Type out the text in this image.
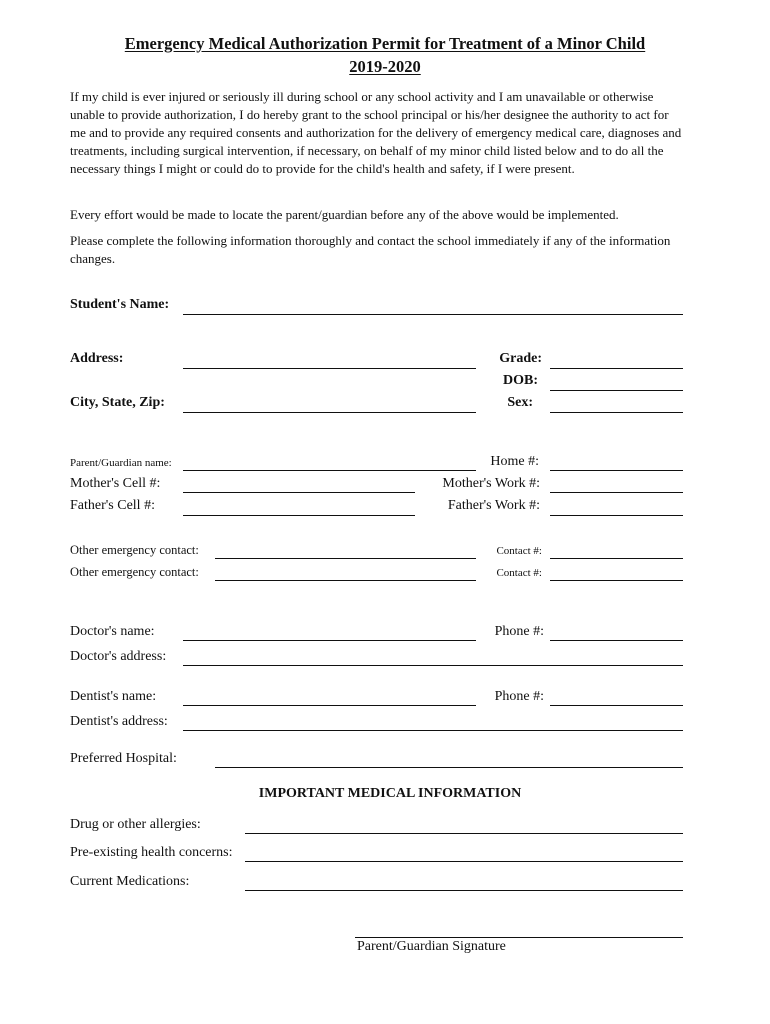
Emergency Medical Authorization Permit for Treatment of a Minor Child
2019-2020
If my child is ever injured or seriously ill during school or any school activity and I am unavailable or otherwise unable to provide authorization, I do hereby grant to the school principal or his/her designee the authority to act for me and to provide any required consents and authorization for the delivery of emergency medical care, diagnoses and treatments, including surgical intervention, if necessary, on behalf of my minor child listed below and to do all the necessary things I might or could do to provide for the child's health and safety, if I were present.
Every effort would be made to locate the parent/guardian before any of the above would be implemented.
Please complete the following information thoroughly and contact the school immediately if any of the information changes.
Student's Name:
Address:	Grade:
DOB:
City, State, Zip:	Sex:
Parent/Guardian name:	Home #:
Mother's Cell #:	Mother's Work #:
Father's Cell #:	Father's Work #:
Other emergency contact:	Contact #:
Other emergency contact:	Contact #:
Doctor's name:	Phone #:
Doctor's address:
Dentist's name:	Phone #:
Dentist's address:
Preferred Hospital:
IMPORTANT MEDICAL INFORMATION
Drug or other allergies:
Pre-existing health concerns:
Current Medications:
Parent/Guardian Signature
